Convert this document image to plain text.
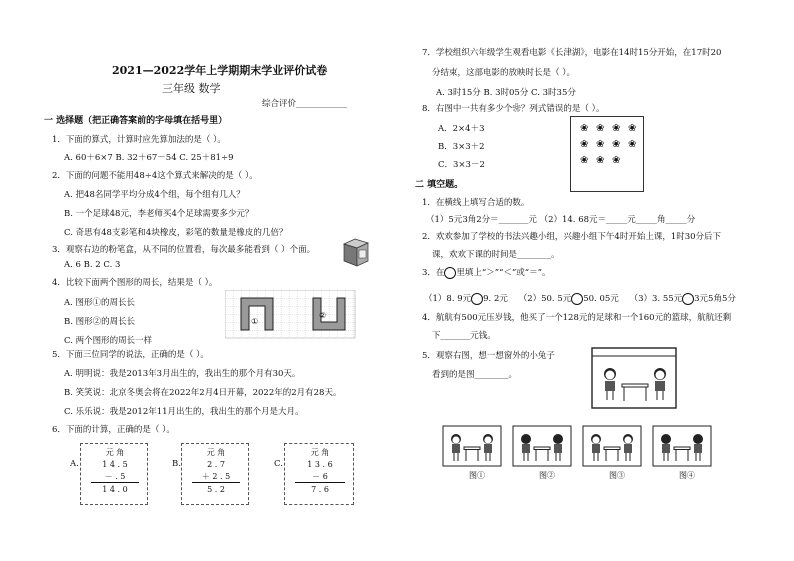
2021—2022学年上学期期末学业评价试卷
三年级 数学
综合评价____________
一 选择题（把正确答案前的字母填在括号里）
1．下面的算式，计算时应先算加法的是（ ）。
A. 60＋6×7 B. 32＋67－54 C. 25＋81÷9
2．下面的问题不能用48÷4这个算式来解决的是（ ）。
A. 把48名同学平均分成4个组，每个组有几人？
B. 一个足球48元，李老师买4个足球需要多少元？
C. 奇思有48支彩笔和4块橡皮，彩笔的数量是橡皮的几倍？
3．观察右边的粉笔盒，从不同的位置看，每次最多能看到（ ）个面。
A. 6 B. 2 C. 3
4．比较下面两个图形的周长，结果是（ ）。
A. 图形①的周长长
B. 图形②的周长长
C. 两个图形的周长一样
①
②
5．下面三位同学的说法，正确的是（ ）。
A. 明明说：我是2013年3月出生的，我出生的那个月有30天。
B. 笑笑说：北京冬奥会将在2022年2月4日开幕，2022年的2月有28天。
C. 乐乐说：我是2012年11月出生的，我出生的那个月是大月。
6．下面的计算，正确的是（ ）。
A.
元 角
1 4 . 5
－ . 5
1 4 . 0
B.
元 角
2 . 7
＋ 2 . 5
5 . 2
C.
元 角
1 3 . 6
－ 6
7 . 6
7．学校组织六年级学生观看电影《长津湖》，电影在14时15分开始，在17时20
分结束，这部电影的放映时长是（ ）。
A. 3时15分 B. 3时05分 C. 3时35分
8．右图中一共有多少个❀？列式错误的是（ ）。
A．2×4＋3
B．3×3＋2
C．3×3－2
❀ ❀ ❀ ❀
❀ ❀ ❀ ❀
❀ ❀ ❀
二 填空题。
1．在横线上填写合适的数。
（1）5元3角2分＝_______元 （2）14. 68元＝_____元_____角_____分
2．欢欢参加了学校的书法兴趣小组，兴趣小组下午4时开始上课，1时30分后下
课，欢欢下课的时间是________。
3．在 里填上“＞”“＜”或“＝”。
（1）8. 9元 9. 2元 （2）50. 5元 50. 05元 （3）3. 55元 3元5角5分
4．航航有500元压岁钱，他买了一个128元的足球和一个160元的篮球，航航还剩
下_______元钱。
5．观察右图，想一想窗外的小兔子
看到的是图________。
图①	图②	图③	图④
